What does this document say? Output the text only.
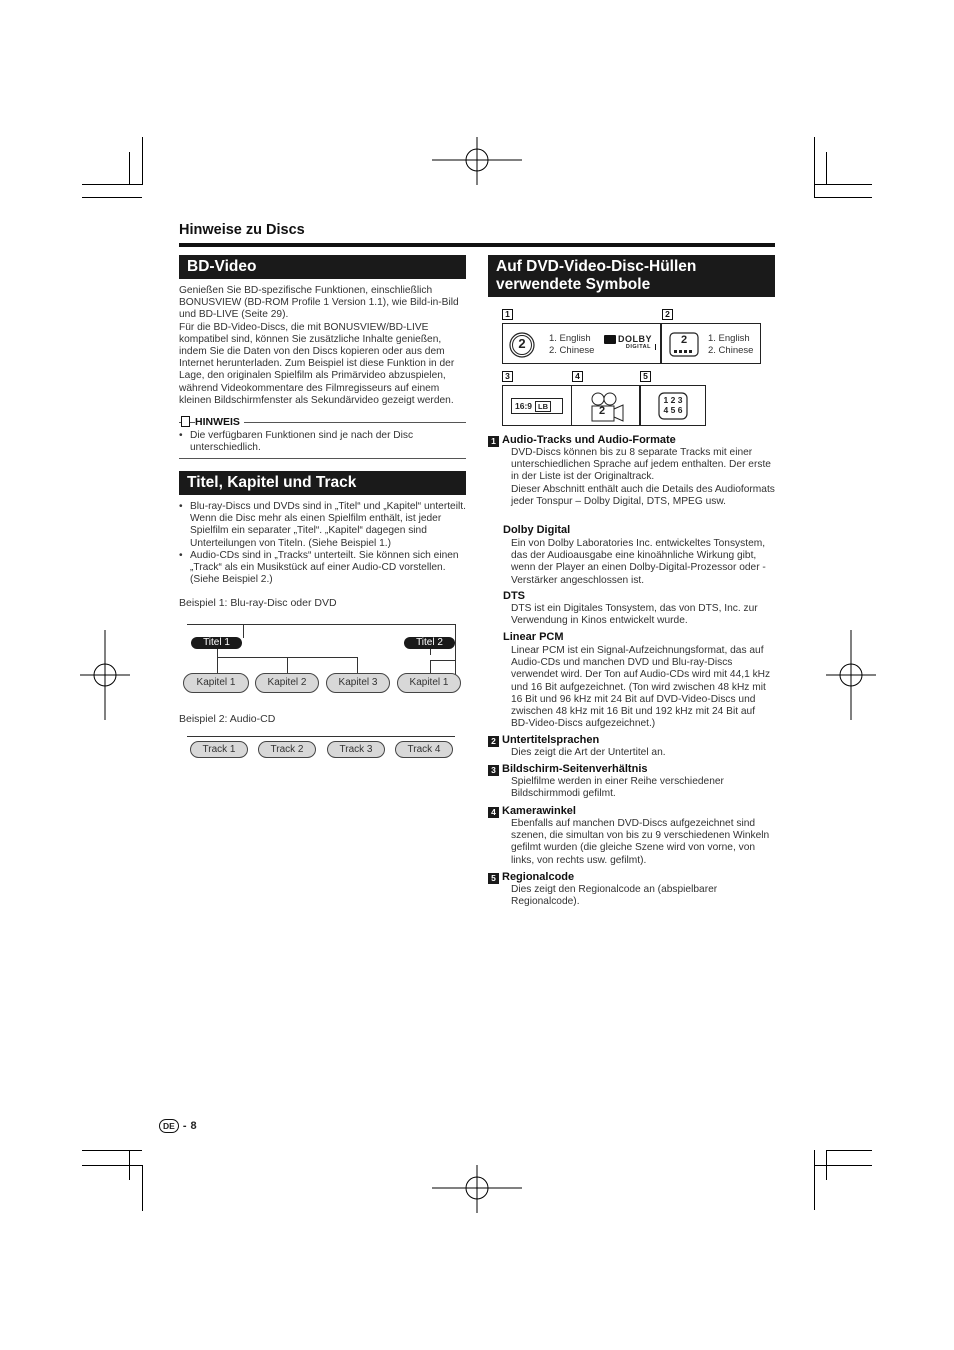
Hinweise zu Discs
BD-Video

Genießen Sie BD-spezifische Funktionen, einschließlich BONUSVIEW (BD-ROM Profile 1 Version 1.1), wie Bild-in-Bild und BD-LIVE (Seite 29).

Für die BD-Video-Discs, die mit BONUSVIEW/BD-LIVE kompatibel sind, können Sie zusätzliche Inhalte genießen, indem Sie die Daten von den Discs kopieren oder aus dem Internet herunterladen. Zum Beispiel ist diese Funktion in der Lage, den originalen Spielfilm als Primärvideo abzuspielen, während Videokommentare des Filmregisseurs auf einem kleinen Bildschirmfenster als Sekundärvideo gezeigt werden.

HINWEIS
• Die verfügbaren Funktionen sind je nach der Disc unterschiedlich.
Titel, Kapitel und Track
• Blu-ray-Discs und DVDs sind in „Titel“ und „Kapitel“ unterteilt. Wenn die Disc mehr als einen Spielfilm enthält, ist jeder Spielfilm ein separater „Titel“. „Kapitel“ dagegen sind Unterteilungen von Titeln. (Siehe Beispiel 1.)
• Audio-CDs sind in „Tracks“ unterteilt. Sie können sich einen „Track“ als ein Musikstück auf einer Audio-CD vorstellen. (Siehe Beispiel 2.)
Beispiel 1: Blu-ray-Disc oder DVD
Titel 1	Titel 2
Kapitel 1	Kapitel 2	Kapitel 3	Kapitel 1
Beispiel 2: Audio-CD
Track 1	Track 2	Track 3	Track 4
Auf DVD-Video-Disc-Hüllen
verwendete Symbole
1	2
2	1. English
2. Chinese
DOLBY
DIGITAL
2	1. English
2. Chinese
3	4	5
16:9 LB	2
1 2 3
4 5 6
1 Audio-Tracks und Audio-Formate

DVD-Discs können bis zu 8 separate Tracks mit einer unterschiedlichen Sprache auf jedem enthalten. Der erste in der Liste ist der Originaltrack.

Dieser Abschnitt enthält auch die Details des Audioformats jeder Tonspur – Dolby Digital, DTS, MPEG usw.

Dolby Digital
Ein von Dolby Laboratories Inc. entwickeltes Tonsystem, das der Audioausgabe eine kinoähnliche Wirkung gibt, wenn der Player an einen Dolby-Digital-Prozessor oder -Verstärker angeschlossen ist.
DTS
DTS ist ein Digitales Tonsystem, das von DTS, Inc. zur Verwendung in Kinos entwickelt wurde.
Linear PCM
Linear PCM ist ein Signal-Aufzeichnungsformat, das auf Audio-CDs und manchen DVD und Blu-ray-Discs verwendet wird. Der Ton auf Audio-CDs wird mit 44,1 kHz und 16 Bit aufgezeichnet. (Ton wird zwischen 48 kHz mit 16 Bit und 96 kHz mit 24 Bit auf DVD-Video-Discs und zwischen 48 kHz mit 16 Bit und 192 kHz mit 24 Bit auf BD-Video-Discs aufgezeichnet.)
2 Untertitelsprachen
Dies zeigt die Art der Untertitel an.
3 Bildschirm-Seitenverhältnis
Spielfilme werden in einer Reihe verschiedener Bildschirmmodi gefilmt.
4 Kamerawinkel
Ebenfalls auf manchen DVD-Discs aufgezeichnet sind szenen, die simultan von bis zu 9 verschiedenen Winkeln gefilmt wurden (die gleiche Szene wird von vorne, von links, von rechts usw. gefilmt).
5 Regionalcode
Dies zeigt den Regionalcode an (abspielbarer Regionalcode).
DE - 8
